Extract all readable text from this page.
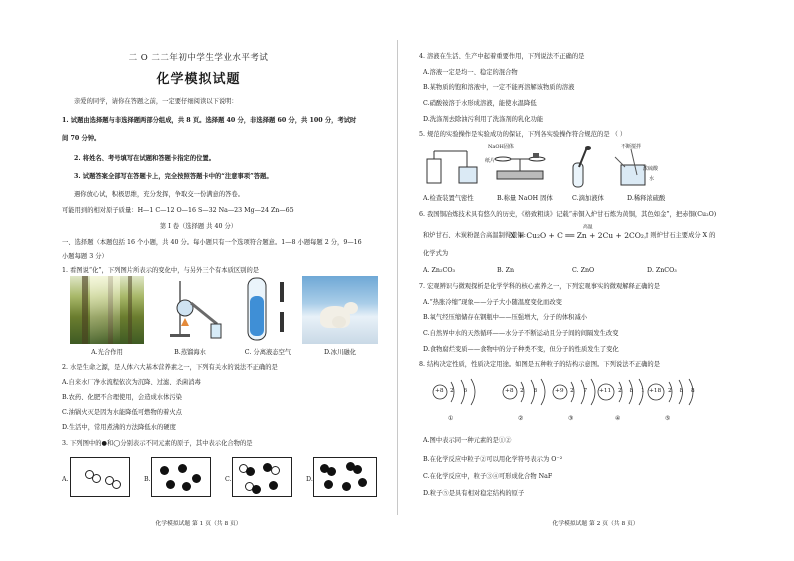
二 O 二二年初中学生学业水平考试
化学模拟试题
亲爱的同学，请你在答题之前，一定要仔细阅读以下说明：
1. 试题由选择题与非选择题两部分组成，共 8 页。选择题 40 分，非选择题 60 分，共 100 分，考试时
间 70 分钟。
2. 将姓名、考号填写在试题和答题卡指定的位置。
3. 试题答案全部写在答题卡上，完全按照答题卡中的“注意事项”答题。
遇你放心试，积极思维，充分发挥，争取交一份满意的答卷。
可能用到的相对原子质量：H—1 C—12 O—16 S—32 Na—23 Mg—24 Zn—65
第 I 卷（选择题 共 40 分）
一、选择题（本题包括 16 个小题，共 40 分。每小题只有一个选项符合题意。1—8 小题每题 2 分，9—16
小题每题 3 分）
1. 看图说“化”，下列图片所表示的变化中，与另外三个有本质区别的是
A.光合作用	B.蒸馏海水	C. 分离液态空气	D.冰川融化
2. 水是生命之源，是人体六大基本营养素之一，下列有关水的说法不正确的是
A.自来水厂净水流程依次为沉降、过滤、杀菌消毒
B.农药、化肥不合理使用，会造成水体污染
C.油锅火灭是因为水能降低可燃物的着火点
D.生活中，常用煮沸的方法降低水的硬度
3. 下列图中的●和◯分别表示不同元素的原子，其中表示化合物的是
A.	B.	C.	D.
化学模拟试题 第 1 页（共 8 页）
4. 溶液在生活、生产中起着重要作用，下列说法不正确的是
A.溶液一定是均一、稳定的混合物
B.某物质的饱和溶液中，一定不能再溶解该物质的溶液
C.硝酸铵溶于水形成溶液，能使水温降低
D.洗涤剂去除油污利用了洗涤剂的乳化功能
5. 规范的实验操作是实验成功的保证，下列各实验操作符合规范的是 （ ）
NaOH固体
纸片
不断搅拌
浓硫酸
水
A.检查装置气密性	B.称量 NaOH 固体	C.滴加液体	D.稀释浓硫酸
6. 我国铜冶炼技术具有悠久的历史，《格致粗谈》记载“赤铜入炉甘石炼为黄铜，其色如金”，把赤铜(Cu₂O)
和炉甘石、木炭粉混合高温制得黄铜:
X + Cu₂O + C ══ Zn + 2Cu + 2CO₂↑
高温
，则炉甘石主要成分 X 的
化学式为
A. Zn₂CO₃	B. Zn	C. ZnO	D. ZnCO₃
7. 宏观辨识与微观探析是化学学科的核心素养之一，下列宏观事实的微观解释正确的是
A.“热胀冷缩”现象——分子大小随温度变化而改变
B.氧气经压缩储存在钢瓶中——压强增大，分子的体积减小
C.自然界中水的天然循环——水分子不断运动且分子间的间隔发生改变
D.食物腐烂变质——食物中的分子种类不变，但分子的性质发生了变化
8. 结构决定性质，性质决定用途。如图是五种粒子的结构示意图。下列说法不正确的是
+8 2 6
①
+8 2 8
②
+9 2 7
③
+11 2 8 1
④
+18 2 8 8
⑤
A.图中表示同一种元素的是①②
B.在化学反应中粒子②可以用化学符号表示为 O⁻²
C.在化学反应中，粒子③④可形成化合物 NaF
D.粒子⑤是具有相对稳定结构的原子
化学模拟试题 第 2 页（共 8 页）
